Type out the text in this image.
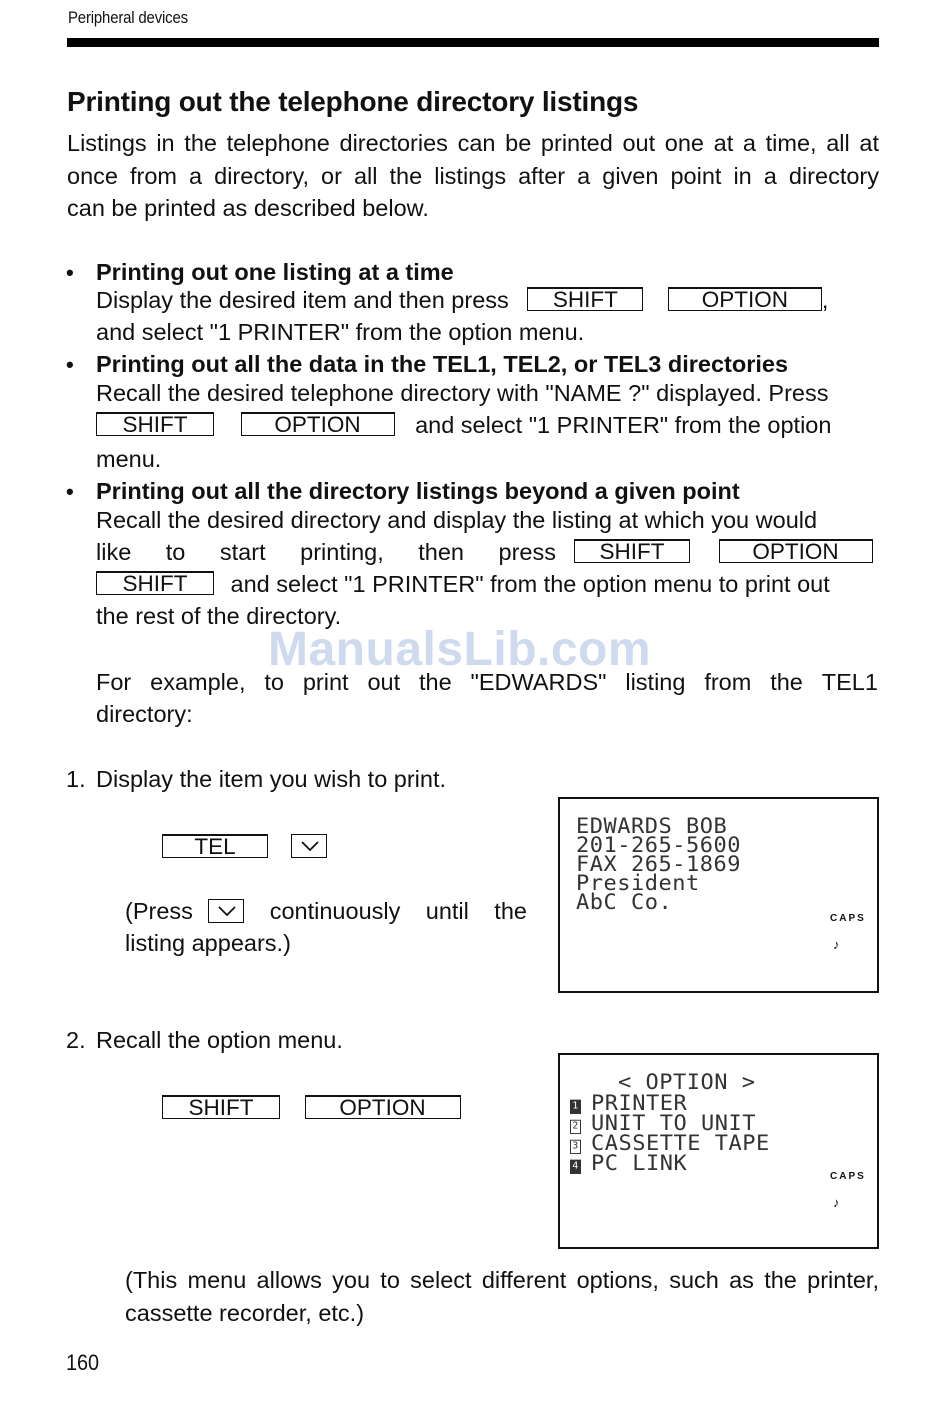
Peripheral devices
Printing out the telephone directory listings
Listings in the telephone directories can be printed out one at a time, all at
once from a directory, or all the listings after a given point in a directory
can be printed as described below.
• Printing out one listing at a time
Display the desired item and then press SHIFT	OPTION ,
and select "1 PRINTER" from the option menu.
• Printing out all the data in the TEL1, TEL2, or TEL3 directories
Recall the desired telephone directory with "NAME ?" displayed. Press
SHIFT	OPTION and select "1 PRINTER" from the option
menu.
• Printing out all the directory listings beyond a given point
Recall the desired directory and display the listing at which you would
like to start printing, then press	SHIFT	OPTION
SHIFT and select "1 PRINTER" from the option menu to print out
the rest of the directory.
ManualsLib.com
For example, to print out the "EDWARDS" listing from the TEL1
directory:
1. Display the item you wish to print.
TEL
(Press	continuously until the
listing appears.)
EDWARDS BOB
201-265-5600
FAX 265-1869
President
AbC Co.
CAPS
♪
2. Recall the option menu.
SHIFT	OPTION
< OPTION >
1 PRINTER
2 UNIT TO UNIT
3 CASSETTE TAPE
4 PC LINK
CAPS
♪
(This menu allows you to select different options, such as the printer,
cassette recorder, etc.)
160
